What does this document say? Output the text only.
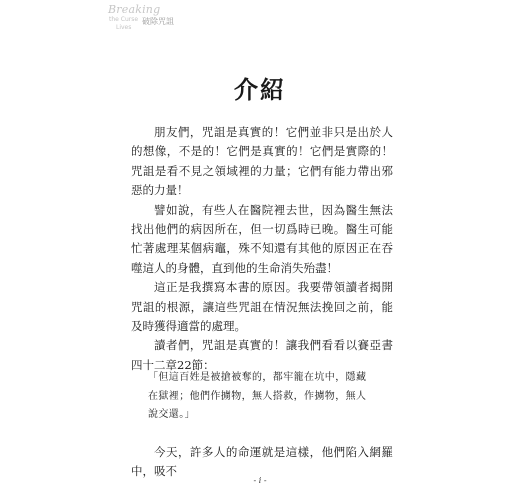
Breaking
the Curse 破除咒詛
Lives
介紹

朋友們，咒詛是真實的！它們並非只是出於人的想像，不是的！它們是真實的！它們是實際的！咒詛是看不見之領域裡的力量；它們有能力帶出邪惡的力量！

譬如說，有些人在醫院裡去世，因為醫生無法找出他們的病因所在，但一切爲時已晚。醫生可能忙著處理某個病竈，殊不知還有其他的原因正在吞噬這人的身體，直到他的生命消失殆盡！

這正是我撰寫本書的原因。我要帶領讀者揭開咒詛的根源，讓這些咒詛在情況無法挽回之前，能及時獲得適當的處理。

讀者們，咒詛是真實的！讓我們看看以賽亞書四十二章22節：

「但這百姓是被搶被奪的，都牢籠在坑中，隱藏

在獄裡；他們作擄物，無人搭救，作擄物，無人

說交還。」

今天，許多人的命運就是這樣，他們陷入網羅中，吸不

- i -
